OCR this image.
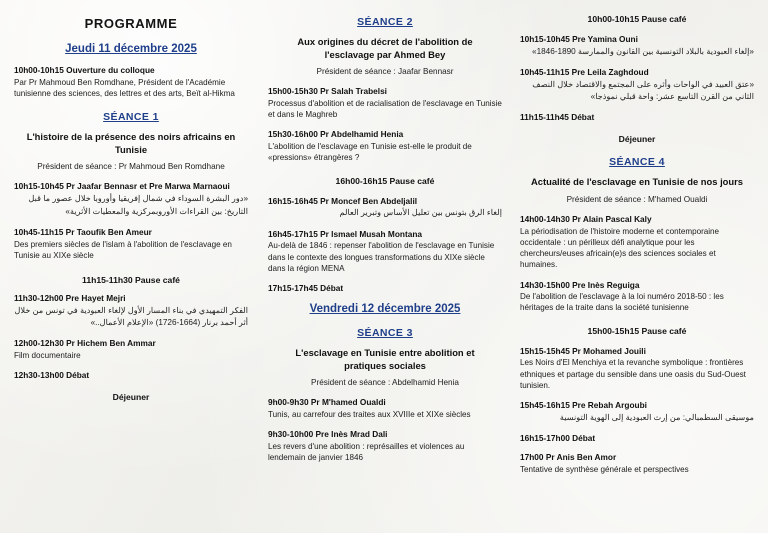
PROGRAMME
Jeudi 11 décembre 2025
10h00-10h15 Ouverture du colloque
Par Pr Mahmoud Ben Romdhane, Président de l'Académie tunisienne des sciences, des lettres et des arts, Beït al-Hikma
SÉANCE 1
L'histoire de la présence des noirs africains en Tunisie
Président de séance : Pr Mahmoud Ben Romdhane
10h15-10h45 Pr Jaafar Bennasr et Pre Marwa Marnaoui
«دور البشرة السوداء في شمال إفريقيا وأوروبا خلال عصور ما قبل التاريخ: بين القراءات الأوروبمركزية والمعطيات الأثرية»
10h45-11h15 Pr Taoufik Ben Ameur
Des premiers siècles de l'islam à l'abolition de l'esclavage en Tunisie au XIXe siècle
11h15-11h30 Pause café
11h30-12h00 Pre Hayet Mejri
الفكر التمهيدي في بناء المسار الأول لإلغاء العبودية في تونس من خلال أثر أحمد برنار (1664-1726) «الإعلام الأعمال..»
12h00-12h30 Pr Hichem Ben Ammar
Film documentaire
12h30-13h00 Débat
Déjeuner
SÉANCE 2
Aux origines du décret de l'abolition de l'esclavage par Ahmed Bey
Président de séance : Jaafar Bennasr
15h00-15h30 Pr Salah Trabelsi
Processus d'abolition et de racialisation de l'esclavage en Tunisie et dans le Maghreb
15h30-16h00 Pr Abdelhamid Henia
L'abolition de l'esclavage en Tunisie est-elle le produit de «pressions» étrangères ?
16h00-16h15 Pause café
16h15-16h45 Pr Moncef Ben Abdeljalil
إلغاء الرق بتونس بين تعليل الأساس وتبرير العالم
16h45-17h15 Pr Ismael Musah Montana
Au-delà de 1846 : repenser l'abolition de l'esclavage en Tunisie dans le contexte des longues transformations du XIXe siècle dans la région MENA
17h15-17h45 Débat
Vendredi 12 décembre 2025
SÉANCE 3
L'esclavage en Tunisie entre abolition et pratiques sociales
Président de séance : Abdelhamid Henia
9h00-9h30 Pr M'hamed Oualdi
Tunis, au carrefour des traites aux XVIIIe et XIXe siècles
9h30-10h00 Pre Inès Mrad Dali
Les revers d'une abolition : représailles et violences au lendemain de janvier 1846
10h00-10h15 Pause café
10h15-10h45 Pre Yamina Ouni
«إلغاء العبودية بالبلاد التونسية بين القانون والممارسة 1890-1846»
10h45-11h15 Pre Leila Zaghdoud
«عتق العبيد في الواحات وأثره على المجتمع والاقتصاد خلال النصف الثاني من القرن التاسع عشر: واحة قبلي نموذجا»
11h15-11h45 Débat
Déjeuner
SÉANCE 4
Actualité de l'esclavage en Tunisie de nos jours
Président de séance : M'hamed Oualdi
14h00-14h30 Pr Alain Pascal Kaly
La périodisation de l'histoire moderne et contemporaine occidentale : un périlleux défi analytique pour les chercheurs/euses africain(e)s des sciences sociales et humaines.
14h30-15h00 Pre Inès Reguiga
De l'abolition de l'esclavage à la loi numéro 2018-50 : les héritages de la traite dans la société tunisienne
15h00-15h15 Pause café
15h15-15h45 Pr Mohamed Jouili
Les Noirs d'El Menchiya et la revanche symbolique : frontières ethniques et partage du sensible dans une oasis du Sud-Ouest tunisien.
15h45-16h15 Pre Rebah Argoubi
موسيقى السطمبالي: من إرث العبودية إلى الهوية التونسية
16h15-17h00 Débat
17h00 Pr Anis Ben Amor
Tentative de synthèse générale et perspectives
